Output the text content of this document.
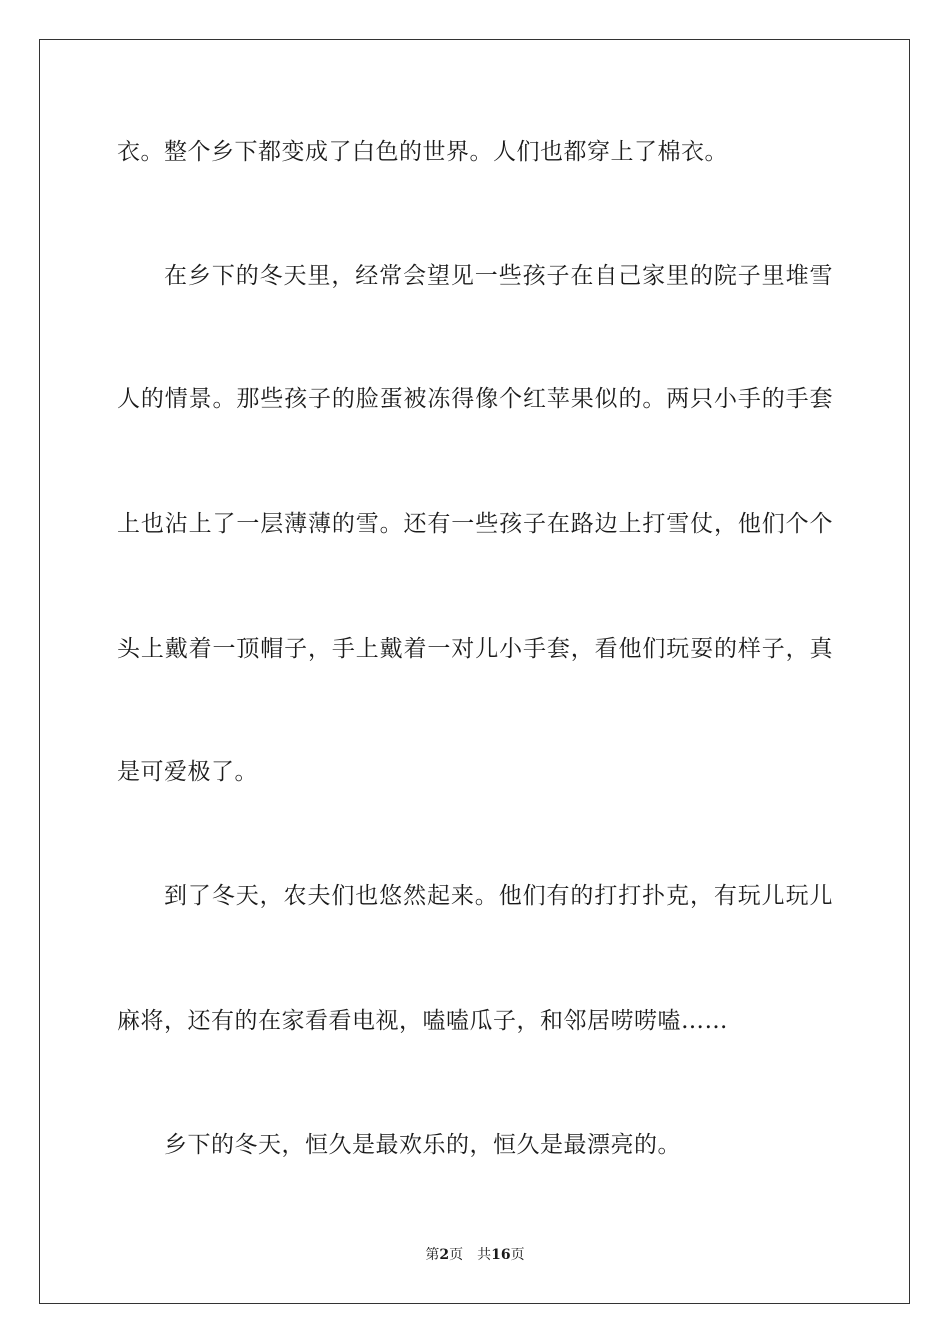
衣。整个乡下都变成了白色的世界。人们也都穿上了棉衣。
在乡下的冬天里，经常会望见一些孩子在自己家里的院子里堆雪
人的情景。那些孩子的脸蛋被冻得像个红苹果似的。两只小手的手套
上也沾上了一层薄薄的雪。还有一些孩子在路边上打雪仗，他们个个
头上戴着一顶帽子，手上戴着一对儿小手套，看他们玩耍的样子，真
是可爱极了。
到了冬天，农夫们也悠然起来。他们有的打打扑克，有玩儿玩儿
麻将，还有的在家看看电视，嗑嗑瓜子，和邻居唠唠嗑……
乡下的冬天，恒久是最欢乐的，恒久是最漂亮的。
第2页 共16页
